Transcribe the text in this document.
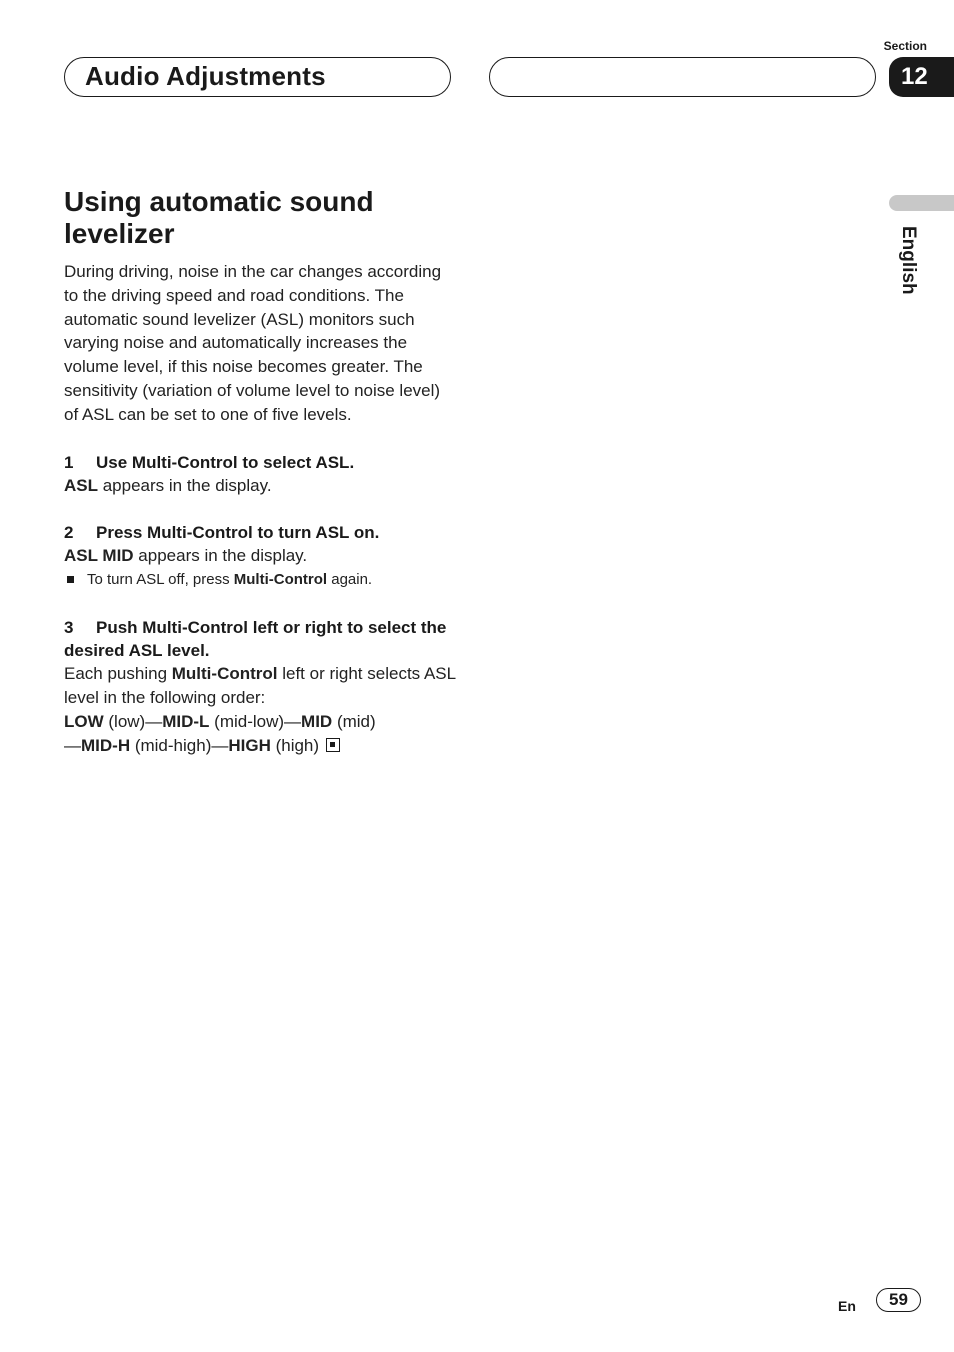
Audio Adjustments
Section
12
English
Using automatic sound levelizer

During driving, noise in the car changes according to the driving speed and road conditions. The automatic sound levelizer (ASL) monitors such varying noise and automatically increases the volume level, if this noise becomes greater. The sensitivity (variation of volume level to noise level) of ASL can be set to one of five levels.

1 Use Multi-Control to select ASL.

ASL appears in the display.

2 Press Multi-Control to turn ASL on.

ASL MID appears in the display.

To turn ASL off, press Multi-Control again.

3 Push Multi-Control left or right to select the desired ASL level.

Each pushing Multi-Control left or right selects ASL level in the following order:

LOW (low)—MID-L (mid-low)—MID (mid)
—MID-H (mid-high)—HIGH (high)

En	59
